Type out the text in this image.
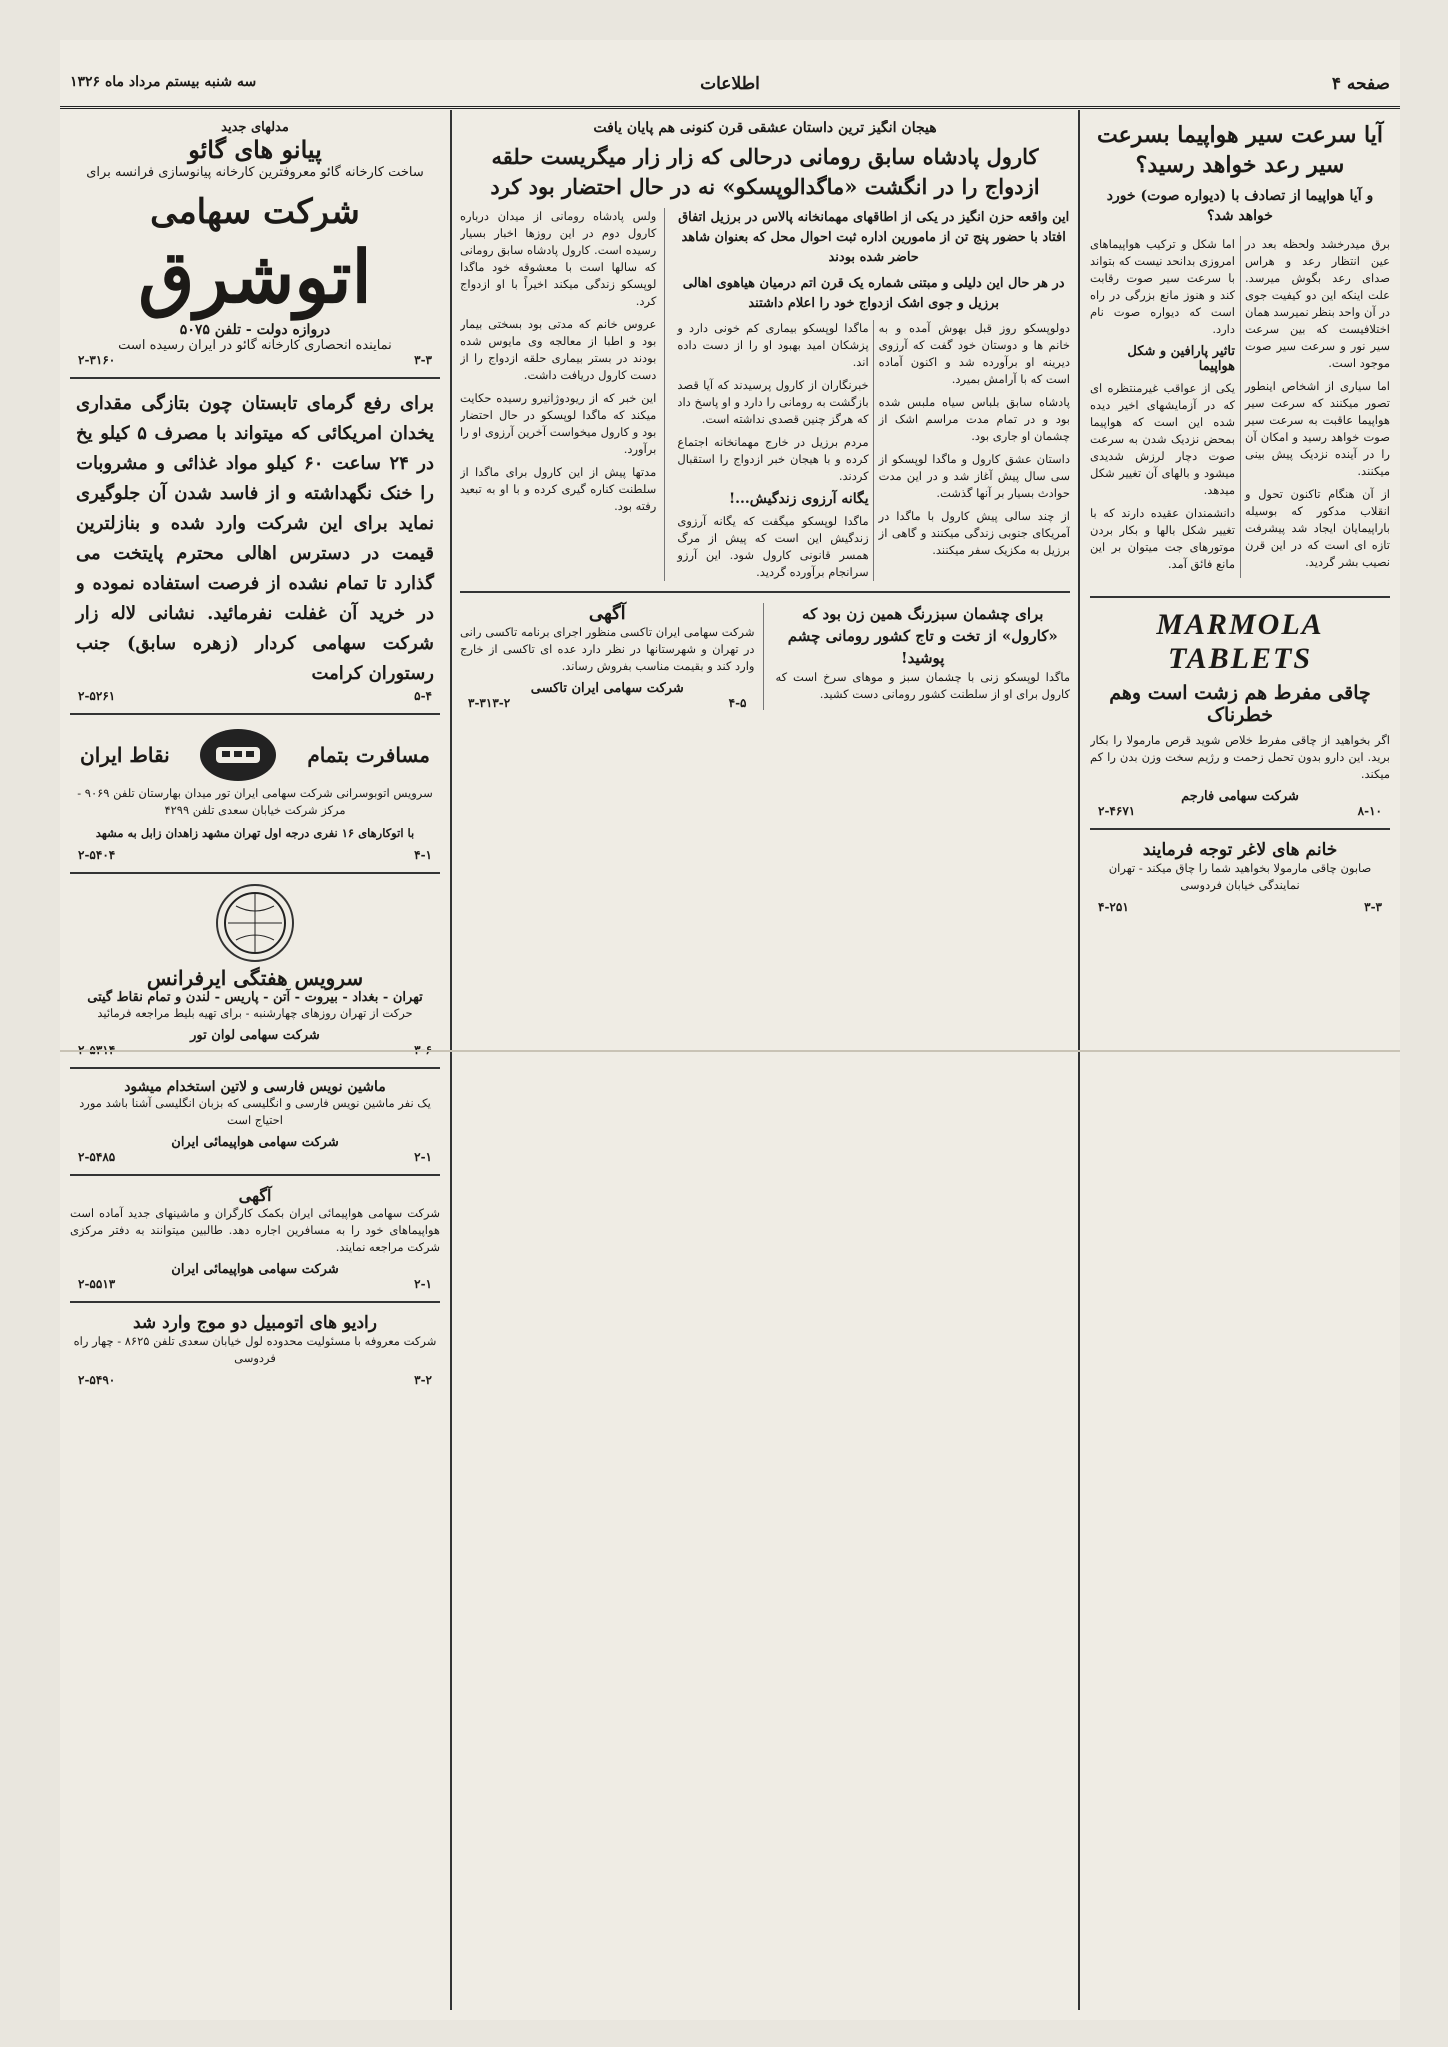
صفحه ۴
اطلاعات
سه شنبه بیستم مرداد ماه ۱۳۲۶
آیا سرعت سیر هواپیما بسرعت سیر رعد خواهد رسید؟
و آیا هواپیما از تصادف با (دیواره صوت) خورد خواهد شد؟

برق میدرخشد ولحظه بعد در عین انتظار رعد و هراس صدای رعد بگوش میرسد. علت اینکه این دو کیفیت جوی در آن واحد بنظر نمیرسد همان اختلافیست که بین سرعت سیر نور و سرعت سیر صوت موجود است.

اما سیاری از اشخاص اینطور تصور میکنند که سرعت سیر هواپیما عاقبت به سرعت سیر صوت خواهد رسید و امکان آن را در آینده نزدیک پیش بینی میکنند.

از آن هنگام تاکنون تحول و انقلاب مدکور که بوسیله باراپیمایان ایجاد شد پیشرفت تازه ای است که در این قرن نصیب بشر گردید.

اما شکل و ترکیب هواپیماهای امروزی بدانحد نیست که بتواند با سرعت سیر صوت رقابت کند و هنوز مانع بزرگی در راه است که دیواره صوت نام دارد.

تاثیر پارافین و شکل هواپیما

یکی از عواقب غیرمنتظره ای که در آزمایشهای اخیر دیده شده این است که هواپیما بمحض نزدیک شدن به سرعت صوت دچار لرزش شدیدی میشود و بالهای آن تغییر شکل میدهد.

دانشمندان عقیده دارند که با تغییر شکل بالها و بکار بردن موتورهای جت میتوان بر این مانع فائق آمد.

MARMOLA TABLETS
چاقی مفرط هم زشت است وهم خطرناک

اگر بخواهید از چاقی مفرط خلاص شوید قرص مارمولا را بکار برید. این دارو بدون تحمل زحمت و رژیم سخت وزن بدن را کم میکند.

شرکت سهامی فارجم
۲-۴۶۷۱	۸-۱۰
خانم های لاغر توجه فرمایند

صابون چاقی مارمولا بخواهید شما را چاق میکند - تهران نمایندگی خیابان فردوسی

۴-۲۵۱	۳-۳
هیجان انگیز ترین داستان عشقی قرن کنونی هم پایان یافت
کارول پادشاه سابق رومانی درحالی که زار زار میگریست حلقه ازدواج را در انگشت «ماگدالوپسکو» نه در حال احتضار بود کرد
این واقعه حزن انگیز در یکی از اطاقهای مهمانخانه پالاس در برزیل اتفاق افتاد با حضور پنج تن از مامورین اداره ثبت احوال محل که بعنوان شاهد حاضر شده بودند
در هر حال این دلیلی و مبتنی شماره یک قرن اتم درمیان هیاهوی اهالی برزیل و جوی اشک ازدواج خود را اعلام داشتند

دولوپسکو روز قبل بهوش آمده و به خانم ها و دوستان خود گفت که آرزوی دیرینه او برآورده شد و اکنون آماده است که با آرامش بمیرد.

پادشاه سابق بلباس سیاه ملبس شده بود و در تمام مدت مراسم اشک از چشمان او جاری بود.

داستان عشق کارول و ماگدا لوپسکو از سی سال پیش آغاز شد و در این مدت حوادث بسیار بر آنها گذشت.

از چند سالی پیش کارول با ماگدا در آمریکای جنوبی زندگی میکنند و گاهی از برزیل به مکزیک سفر میکنند.

ماگدا لوپسکو بیماری کم خونی دارد و پزشکان امید بهبود او را از دست داده اند.

خبرنگاران از کارول پرسیدند که آیا قصد بازگشت به رومانی را دارد و او پاسخ داد که هرگز چنین قصدی نداشته است.

مردم برزیل در خارج مهمانخانه اجتماع کرده و با هیجان خبر ازدواج را استقبال کردند.

یگانه آرزوی زندگیش...!

ماگدا لوپسکو میگفت که یگانه آرزوی زندگیش این است که پیش از مرگ همسر قانونی کارول شود. این آرزو سرانجام برآورده گردید.

ولس پادشاه رومانی از میدان درباره کارول دوم در این روزها اخبار بسیار رسیده است. کارول پادشاه سابق رومانی که سالها است با معشوقه خود ماگدا لوپسکو زندگی میکند اخیراً با او ازدواج کرد.

عروس خانم که مدتی بود بسختی بیمار بود و اطبا از معالجه وی مایوس شده بودند در بستر بیماری حلقه ازدواج را از دست کارول دریافت داشت.

این خبر که از ریودوژانیرو رسیده حکایت میکند که ماگدا لوپسکو در حال احتضار بود و کارول میخواست آخرین آرزوی او را برآورد.

مدتها پیش از این کارول برای ماگدا از سلطنت کناره گیری کرده و با او به تبعید رفته بود.

برای چشمان سبزرنگ همین زن بود که «کارول» از تخت و تاج کشور رومانی چشم پوشید!

ماگدا لوپسکو زنی با چشمان سبز و موهای سرخ است که کارول برای او از سلطنت کشور رومانی دست کشید.

آگهی

شرکت سهامی ایران تاکسی منظور اجرای برنامه تاکسی رانی در تهران و شهرستانها در نظر دارد عده ای تاکسی از خارج وارد کند و بقیمت مناسب بفروش رساند.

شرکت سهامی ایران تاکسی
۳-۳۱۳-۲	۴-۵
مدلهای جدید
پیانو های گائو
ساخت کارخانه گائو معروفترین کارخانه پیانوسازی فرانسه برای
شرکت سهامی
اتوشرق
دروازه دولت - تلفن ۵۰۷۵
نماینده انحصاری کارخانه گائو در ایران رسیده است
۲-۳۱۶۰	۳-۳

برای رفع گرمای تابستان چون بتازگی مقداری یخدان امریکائی که میتواند با مصرف ۵ کیلو یخ در ۲۴ ساعت ۶۰ کیلو مواد غذائی و مشروبات را خنک نگهداشته و از فاسد شدن آن جلوگیری نماید برای این شرکت وارد شده و بنازلترین قیمت در دسترس اهالی محترم پایتخت می گذارد تا تمام نشده از فرصت استفاده نموده و در خرید آن غفلت نفرمائید. نشانی لاله زار شرکت سهامی کردار (زهره سابق) جنب رستوران کرامت

۲-۵۲۶۱	۵-۴
مسافرت بتمام
نقاط ایران

سرویس اتوبوسرانی شرکت سهامی ایران تور میدان بهارستان تلفن ۹۰۶۹ - مرکز شرکت خیابان سعدی تلفن ۴۲۹۹

با اتوکارهای ۱۶ نفری درجه اول تهران مشهد زاهدان زابل به مشهد

۲-۵۴۰۴	۴-۱
سرویس هفتگی ایرفرانس
تهران - بغداد - بیروت - آتن - پاریس - لندن و تمام نقاط گیتی

حرکت از تهران روزهای چهارشنبه - برای تهیه بلیط مراجعه فرمائید

شرکت سهامی لوان تور
ماشین نویس فارسی و لاتین استخدام میشود

یک نفر ماشین نویس فارسی و انگلیسی که بزبان انگلیسی آشنا باشد مورد احتیاج است

شرکت سهامی هواپیمائی ایران
۲-۵۴۸۵	۲-۱
آگهی

شرکت سهامی هواپیمائی ایران بکمک کارگران و ماشینهای جدید آماده است هواپیماهای خود را به مسافرین اجاره دهد. طالبین میتوانند به دفتر مرکزی شرکت مراجعه نمایند.

شرکت سهامی هواپیمائی ایران
۲-۵۵۱۳	۲-۱
رادیو های اتومبیل دو موج وارد شد

شرکت معروفه با مسئولیت محدوده لول خیابان سعدی تلفن ۸۶۲۵ - چهار راه فردوسی

۲-۵۴۹۰	۳-۲
